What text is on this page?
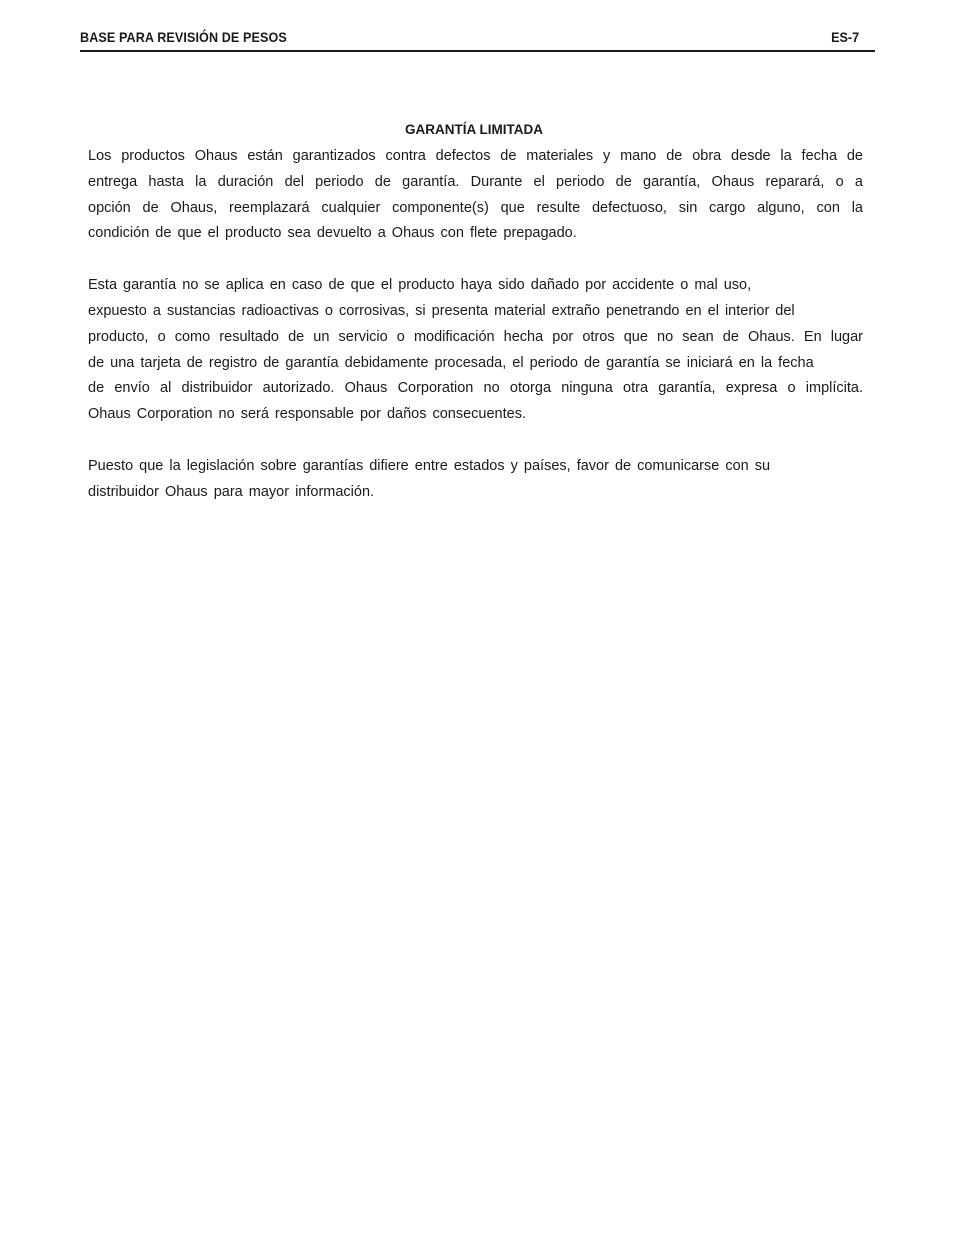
BASE PARA REVISIÓN DE PESOS	ES-7
GARANTÍA LIMITADA

Los productos Ohaus están garantizados contra defectos de materiales y mano de obra desde la fecha de
entrega hasta la duración del periodo de garantía. Durante el periodo de garantía, Ohaus reparará, o a
opción de Ohaus, reemplazará cualquier componente(s) que resulte defectuoso, sin cargo alguno, con la
condición de que el producto sea devuelto a Ohaus con flete prepagado.

Esta garantía no se aplica en caso de que el producto haya sido dañado por accidente o mal uso,
expuesto a sustancias radioactivas o corrosivas, si presenta material extraño penetrando en el interior del
producto, o como resultado de un servicio o modificación hecha por otros que no sean de Ohaus. En lugar
de una tarjeta de registro de garantía debidamente procesada, el periodo de garantía se iniciará en la fecha
de envío al distribuidor autorizado. Ohaus Corporation no otorga ninguna otra garantía, expresa o implícita.
Ohaus Corporation no será responsable por daños consecuentes.

Puesto que la legislación sobre garantías difiere entre estados y países, favor de comunicarse con su
distribuidor Ohaus para mayor información.
